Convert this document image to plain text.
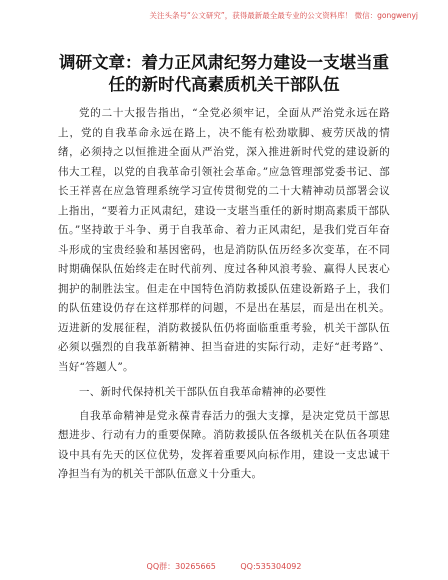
关注头条号“公文研究”，获得最新最全最专业的公文资料库！ 微信：gongwenyj
调研文章：着力正风肃纪努力建设一支堪当重任的新时代高素质机关干部队伍

党的二十大报告指出，“全党必须牢记，全面从严治党永远在路上，党的自我革命永远在路上，决不能有松劲歇脚、疲劳厌战的情绪，必须持之以恒推进全面从严治党，深入推进新时代党的建设新的伟大工程，以党的自我革命引领社会革命。”应急管理部党委书记、部长王祥喜在应急管理系统学习宣传贯彻党的二十大精神动员部署会议上指出，“要着力正风肃纪，建设一支堪当重任的新时期高素质干部队伍。”坚持敢于斗争、勇于自我革命、着力正风肃纪，是我们党百年奋斗形成的宝贵经验和基因密码，也是消防队伍历经多次变革，在不同时期确保队伍始终走在时代前列、度过各种风浪考验、赢得人民衷心拥护的制胜法宝。但走在中国特色消防救援队伍建设新路子上，我们的队伍建设仍存在这样那样的问题，不是出在基层，而是出在机关。迈进新的发展征程，消防救援队伍仍将面临重重考验，机关干部队伍必须以强烈的自我革新精神、担当奋进的实际行动，走好“赶考路”、当好“答题人”。

一、新时代保持机关干部队伍自我革命精神的必要性

自我革命精神是党永葆青春活力的强大支撑，是决定党员干部思想进步、行动有力的重要保障。消防救援队伍各级机关在队伍各项建设中具有先天的区位优势，发挥着重要风向标作用，建设一支忠诚干净担当有为的机关干部队伍意义十分重大。

QQ群：30265665	QQ:535304092
